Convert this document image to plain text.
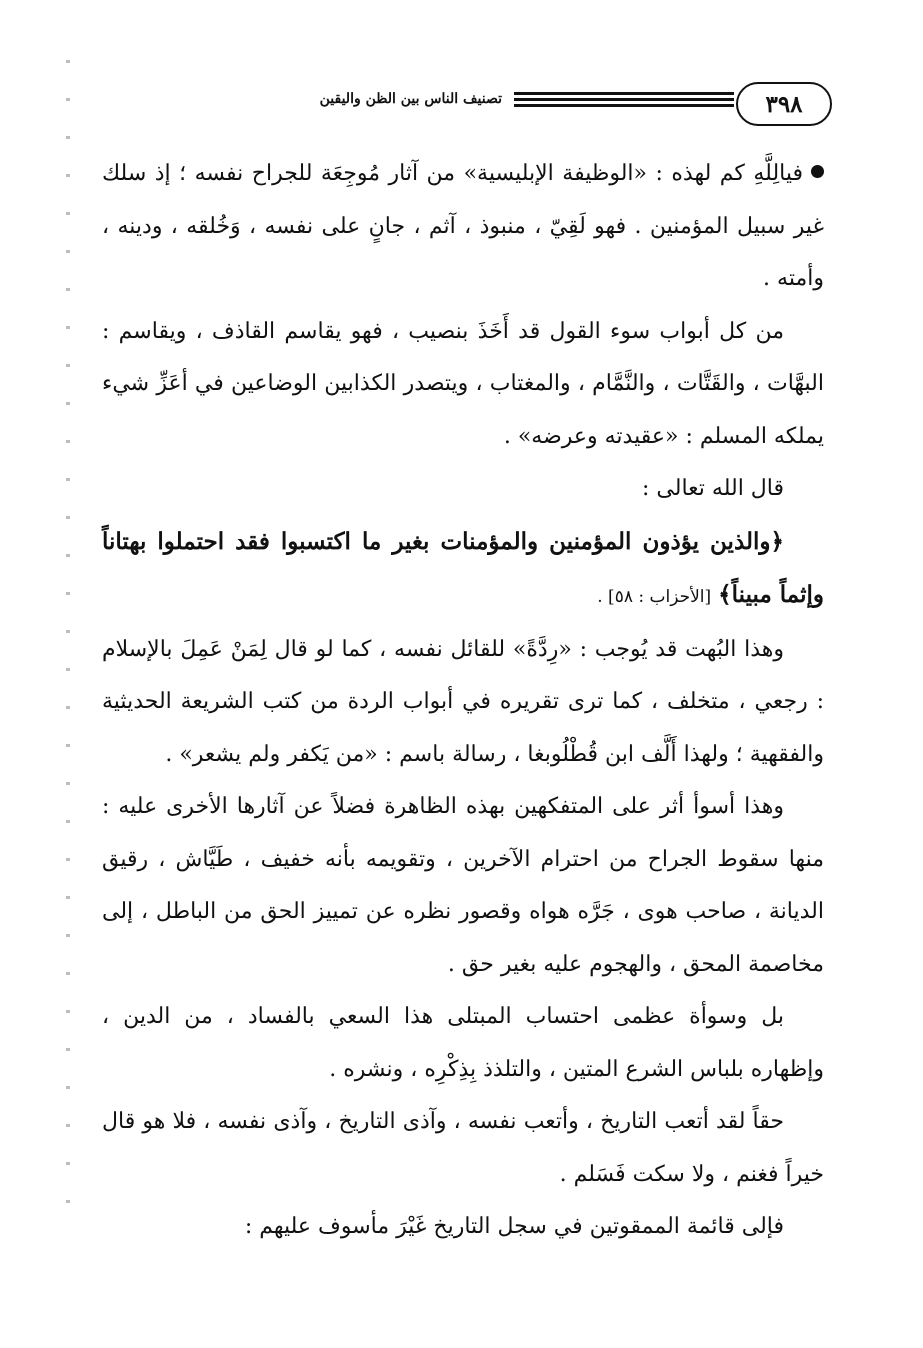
٣٩٨
تصنيف الناس بين الظن واليقين

فيالِلَّهِ كم لهذه : «الوظيفة الإبليسية» من آثار مُوجِعَة للجراح نفسه ؛ إذ سلك غير سبيل المؤمنين . فهو لَقِيّ ، منبوذ ، آثم ، جانٍ على نفسه ، وَخُلقه ، ودينه ، وأمته .

من كل أبواب سوء القول قد أَخَذَ بنصيب ، فهو يقاسم القاذف ، ويقاسم : البهَّات ، والقَتَّات ، والنَّمَّام ، والمغتاب ، ويتصدر الكذابين الوضاعين في أعَزِّ شيء يملكه المسلم : «عقيدته وعرضه» .

قال الله تعالى :

﴿والذين يؤذون المؤمنين والمؤمنات بغير ما اكتسبوا فقد احتملوا بهتاناً وإثماً مبيناً﴾ [الأحزاب : ٥٨] .

وهذا البُهت قد يُوجب : «رِدَّةً» للقائل نفسه ، كما لو قال لِمَنْ عَمِلَ بالإسلام : رجعي ، متخلف ، كما ترى تقريره في أبواب الردة من كتب الشريعة الحديثية والفقهية ؛ ولهذا أَلَّف ابن قُطْلُوبغا ، رسالة باسم : «من يَكفر ولم يشعر» .

وهذا أسوأ أثر على المتفكهين بهذه الظاهرة فضلاً عن آثارها الأخرى عليه : منها سقوط الجراح من احترام الآخرين ، وتقويمه بأنه خفيف ، طَيَّاش ، رقيق الديانة ، صاحب هوى ، جَرَّه هواه وقصور نظره عن تمييز الحق من الباطل ، إلى مخاصمة المحق ، والهجوم عليه بغير حق .

بل وسوأة عظمى احتساب المبتلى هذا السعي بالفساد ، من الدين ، وإظهاره بلباس الشرع المتين ، والتلذذ بِذِكْرِه ، ونشره .

حقاً لقد أتعب التاريخ ، وأتعب نفسه ، وآذى التاريخ ، وآذى نفسه ، فلا هو قال خيراً فغنم ، ولا سكت فَسَلم .

فإلى قائمة الممقوتين في سجل التاريخ غَيْرَ مأسوف عليهم :
